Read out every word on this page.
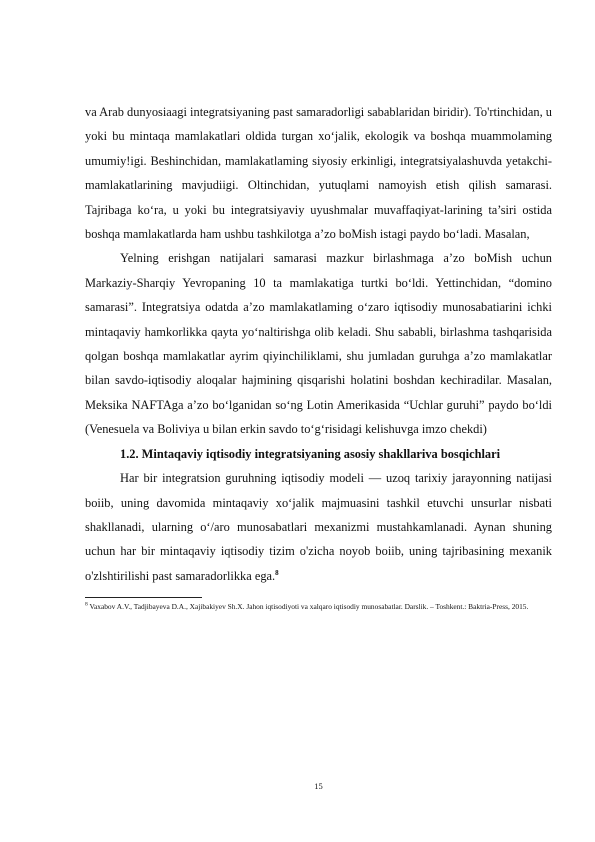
va Arab dunyosiaagi integratsiyaning past samaradorligi sabablaridan biridir). To'rtinchidan, u yoki bu mintaqa mamlakatlari oldida turgan xo‘jalik, ekologik va boshqa muammolaming umumiy!igi. Beshinchidan, mamlakatlaming siyosiy erkinligi, integratsiyalashuvda yetakchi-mamlakatlarining mavjudiigi. Oltinchidan, yutuqlami namoyish etish qilish samarasi. Tajribaga ko‘ra, u yoki bu integratsiyaviy uyushmalar muvaffaqiyat-larining ta’siri ostida boshqa mamlakatlarda ham ushbu tashkilotga a’zo boMish istagi paydo bo‘ladi. Masalan,

Yelning erishgan natijalari samarasi mazkur birlashmaga a’zo boMish uchun Markaziy-Sharqiy Yevropaning 10 ta mamlakatiga turtki bo‘ldi. Yettinchidan, “domino samarasi”. Integratsiya odatda a’zo mamlakatlaming o‘zaro iqtisodiy munosabatiarini ichki mintaqaviy hamkorlikka qayta yo‘naltirishga olib keladi. Shu sababli, birlashma tashqarisida qolgan boshqa mamlakatlar ayrim qiyinchiliklami, shu jumladan guruhga a’zo mamlakatlar bilan savdo-iqtisodiy aloqalar hajmining qisqarishi holatini boshdan kechiradilar. Masalan, Meksika NAFTAga a’zo bo‘lganidan so‘ng Lotin Amerikasida “Uchlar guruhi” paydo bo‘ldi (Venesuela va Boliviya u bilan erkin savdo to‘g‘risidagi kelishuvga imzo chekdi)

1.2. Mintaqaviy iqtisodiy integratsiyaning asosiy shakllariva bosqichlari

Har bir integratsion guruhning iqtisodiy modeli — uzoq tarixiy jarayonning natijasi boiib, uning davomida mintaqaviy xo‘jalik majmuasini tashkil etuvchi unsurlar nisbati shakllanadi, ularning o‘/aro munosabatlari mexanizmi mustahkamlanadi. Aynan shuning uchun har bir mintaqaviy iqtisodiy tizim o'zicha noyob boiib, uning tajribasining mexanik o'zlshtirilishi past samaradorlikka ega.$^8$

$^8$ Vaxabov A.V., Tadjibayeva D.A., Xajibakiyev Sh.X. Jahon iqtisodiyoti va xalqaro iqtisodiy munosabatlar. Darslik. – Toshkent.: Baktria-Press, 2015.
15
